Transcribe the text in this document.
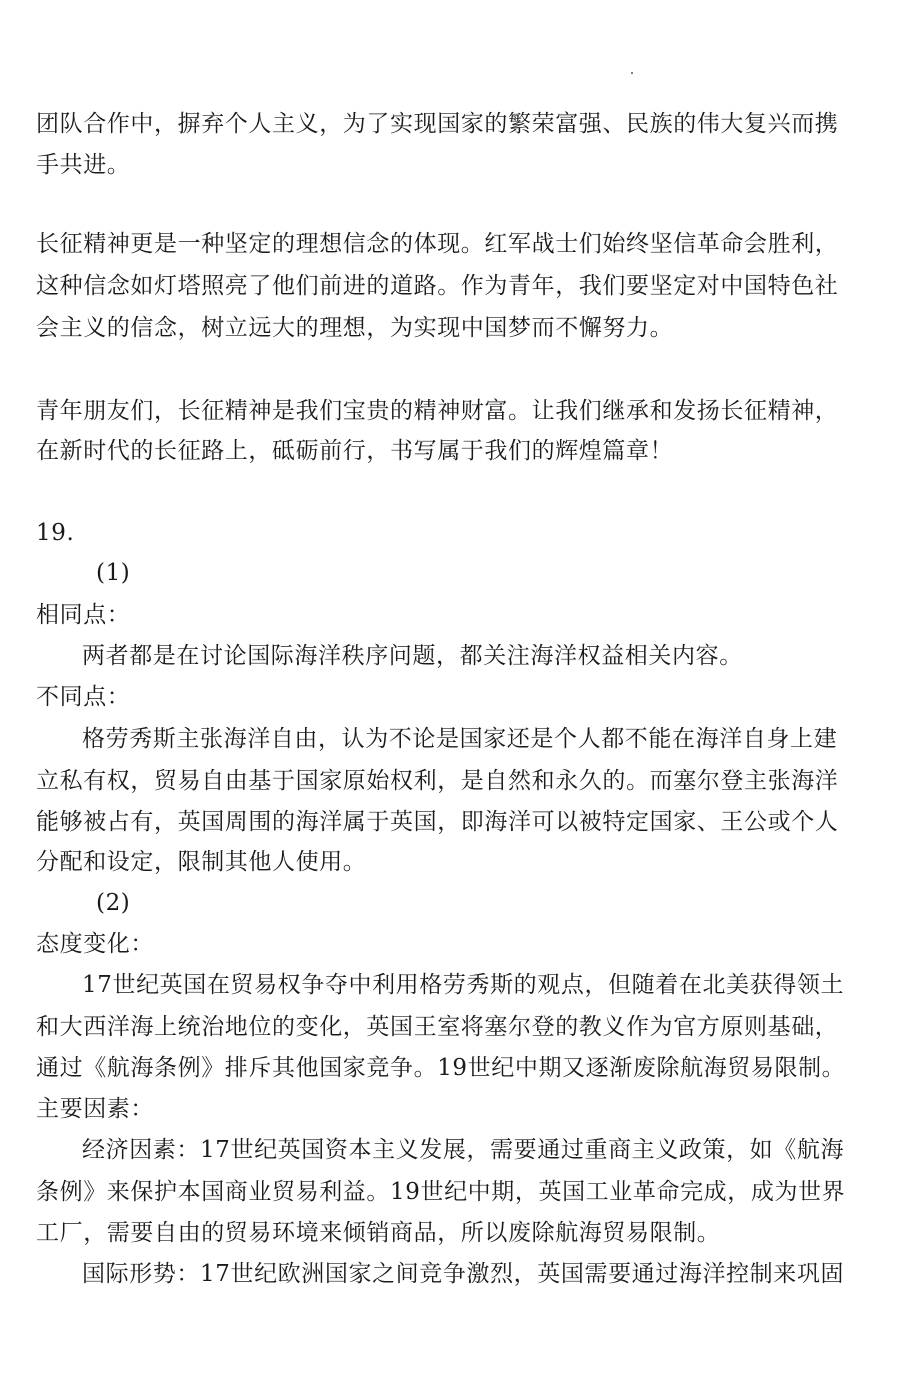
团队合作中，摒弃个人主义，为了实现国家的繁荣富强、民族的伟大复兴而携
手共进。
长征精神更是一种坚定的理想信念的体现。红军战士们始终坚信革命会胜利，
这种信念如灯塔照亮了他们前进的道路。作为青年，我们要坚定对中国特色社
会主义的信念，树立远大的理想，为实现中国梦而不懈努力。
青年朋友们，长征精神是我们宝贵的精神财富。让我们继承和发扬长征精神，
在新时代的长征路上，砥砺前行，书写属于我们的辉煌篇章！
19.
(1)
相同点：
两者都是在讨论国际海洋秩序问题，都关注海洋权益相关内容。
不同点：
格劳秀斯主张海洋自由，认为不论是国家还是个人都不能在海洋自身上建
立私有权，贸易自由基于国家原始权利，是自然和永久的。而塞尔登主张海洋
能够被占有，英国周围的海洋属于英国，即海洋可以被特定国家、王公或个人
分配和设定，限制其他人使用。
(2)
态度变化：
17世纪英国在贸易权争夺中利用格劳秀斯的观点，但随着在北美获得领土
和大西洋海上统治地位的变化，英国王室将塞尔登的教义作为官方原则基础，
通过《航海条例》排斥其他国家竞争。19世纪中期又逐渐废除航海贸易限制。
主要因素：
经济因素：17世纪英国资本主义发展，需要通过重商主义政策，如《航海
条例》来保护本国商业贸易利益。19世纪中期，英国工业革命完成，成为世界
工厂，需要自由的贸易环境来倾销商品，所以废除航海贸易限制。
国际形势：17世纪欧洲国家之间竞争激烈，英国需要通过海洋控制来巩固
